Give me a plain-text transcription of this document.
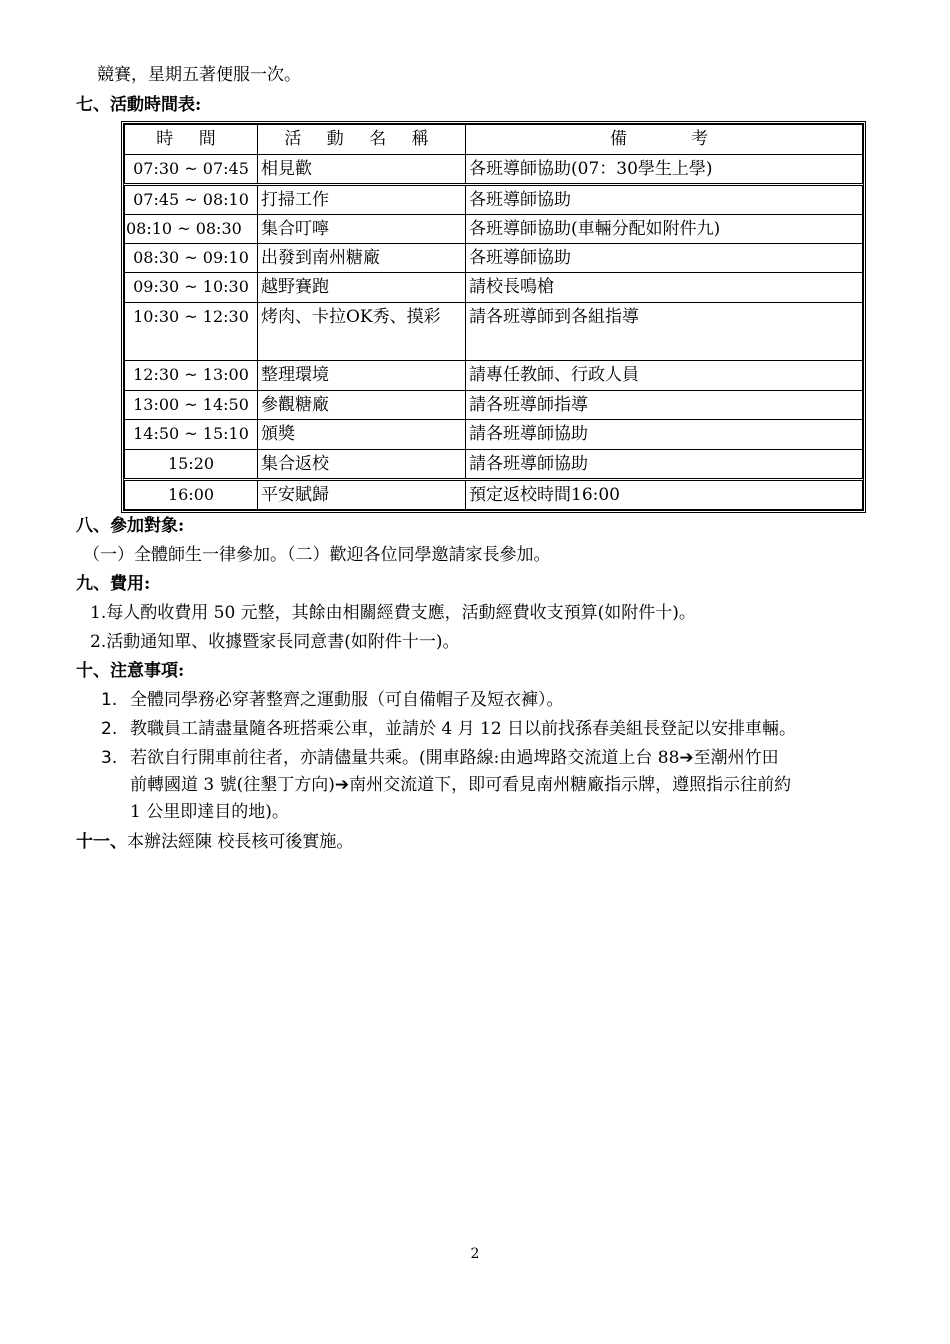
競賽，星期五著便服一次。
七、活動時間表:
時 間	活 動 名 稱	備　　考
07:30 ~ 07:45	相見歡	各班導師協助(07：30學生上學)
07:45 ~ 08:10	打掃工作	各班導師協助
08:10 ~ 08:30	集合叮嚀	各班導師協助(車輛分配如附件九)
08:30 ~ 09:10	出發到南州糖廠	各班導師協助
09:30 ~ 10:30	越野賽跑	請校長鳴槍
10:30 ~ 12:30	烤肉、卡拉OK秀、摸彩	請各班導師到各組指導
12:30 ~ 13:00	整理環境	請專任教師、行政人員
13:00 ~ 14:50	參觀糖廠	請各班導師指導
14:50 ~ 15:10	頒獎	請各班導師協助
15:20	集合返校	請各班導師協助
16:00	平安賦歸	預定返校時間16:00
八、參加對象:
（一）全體師生一律參加。（二）歡迎各位同學邀請家長參加。
九、費用:
1.每人酌收費用 50 元整，其餘由相關經費支應，活動經費收支預算(如附件十)。
2.活動通知單、收據暨家長同意書(如附件十一)。
十、注意事項:
1. 全體同學務必穿著整齊之運動服（可自備帽子及短衣褲）。
2. 教職員工請盡量隨各班搭乘公車，並請於 4 月 12 日以前找孫春美組長登記以安排車輛。
3. 若欲自行開車前往者，亦請儘量共乘。(開車路線:由過埤路交流道上台 88➔至潮州竹田
前轉國道 3 號(往墾丁方向)➔南州交流道下，即可看見南州糖廠指示牌，遵照指示往前約
1 公里即達目的地)。
十一、本辦法經陳 校長核可後實施。
2
